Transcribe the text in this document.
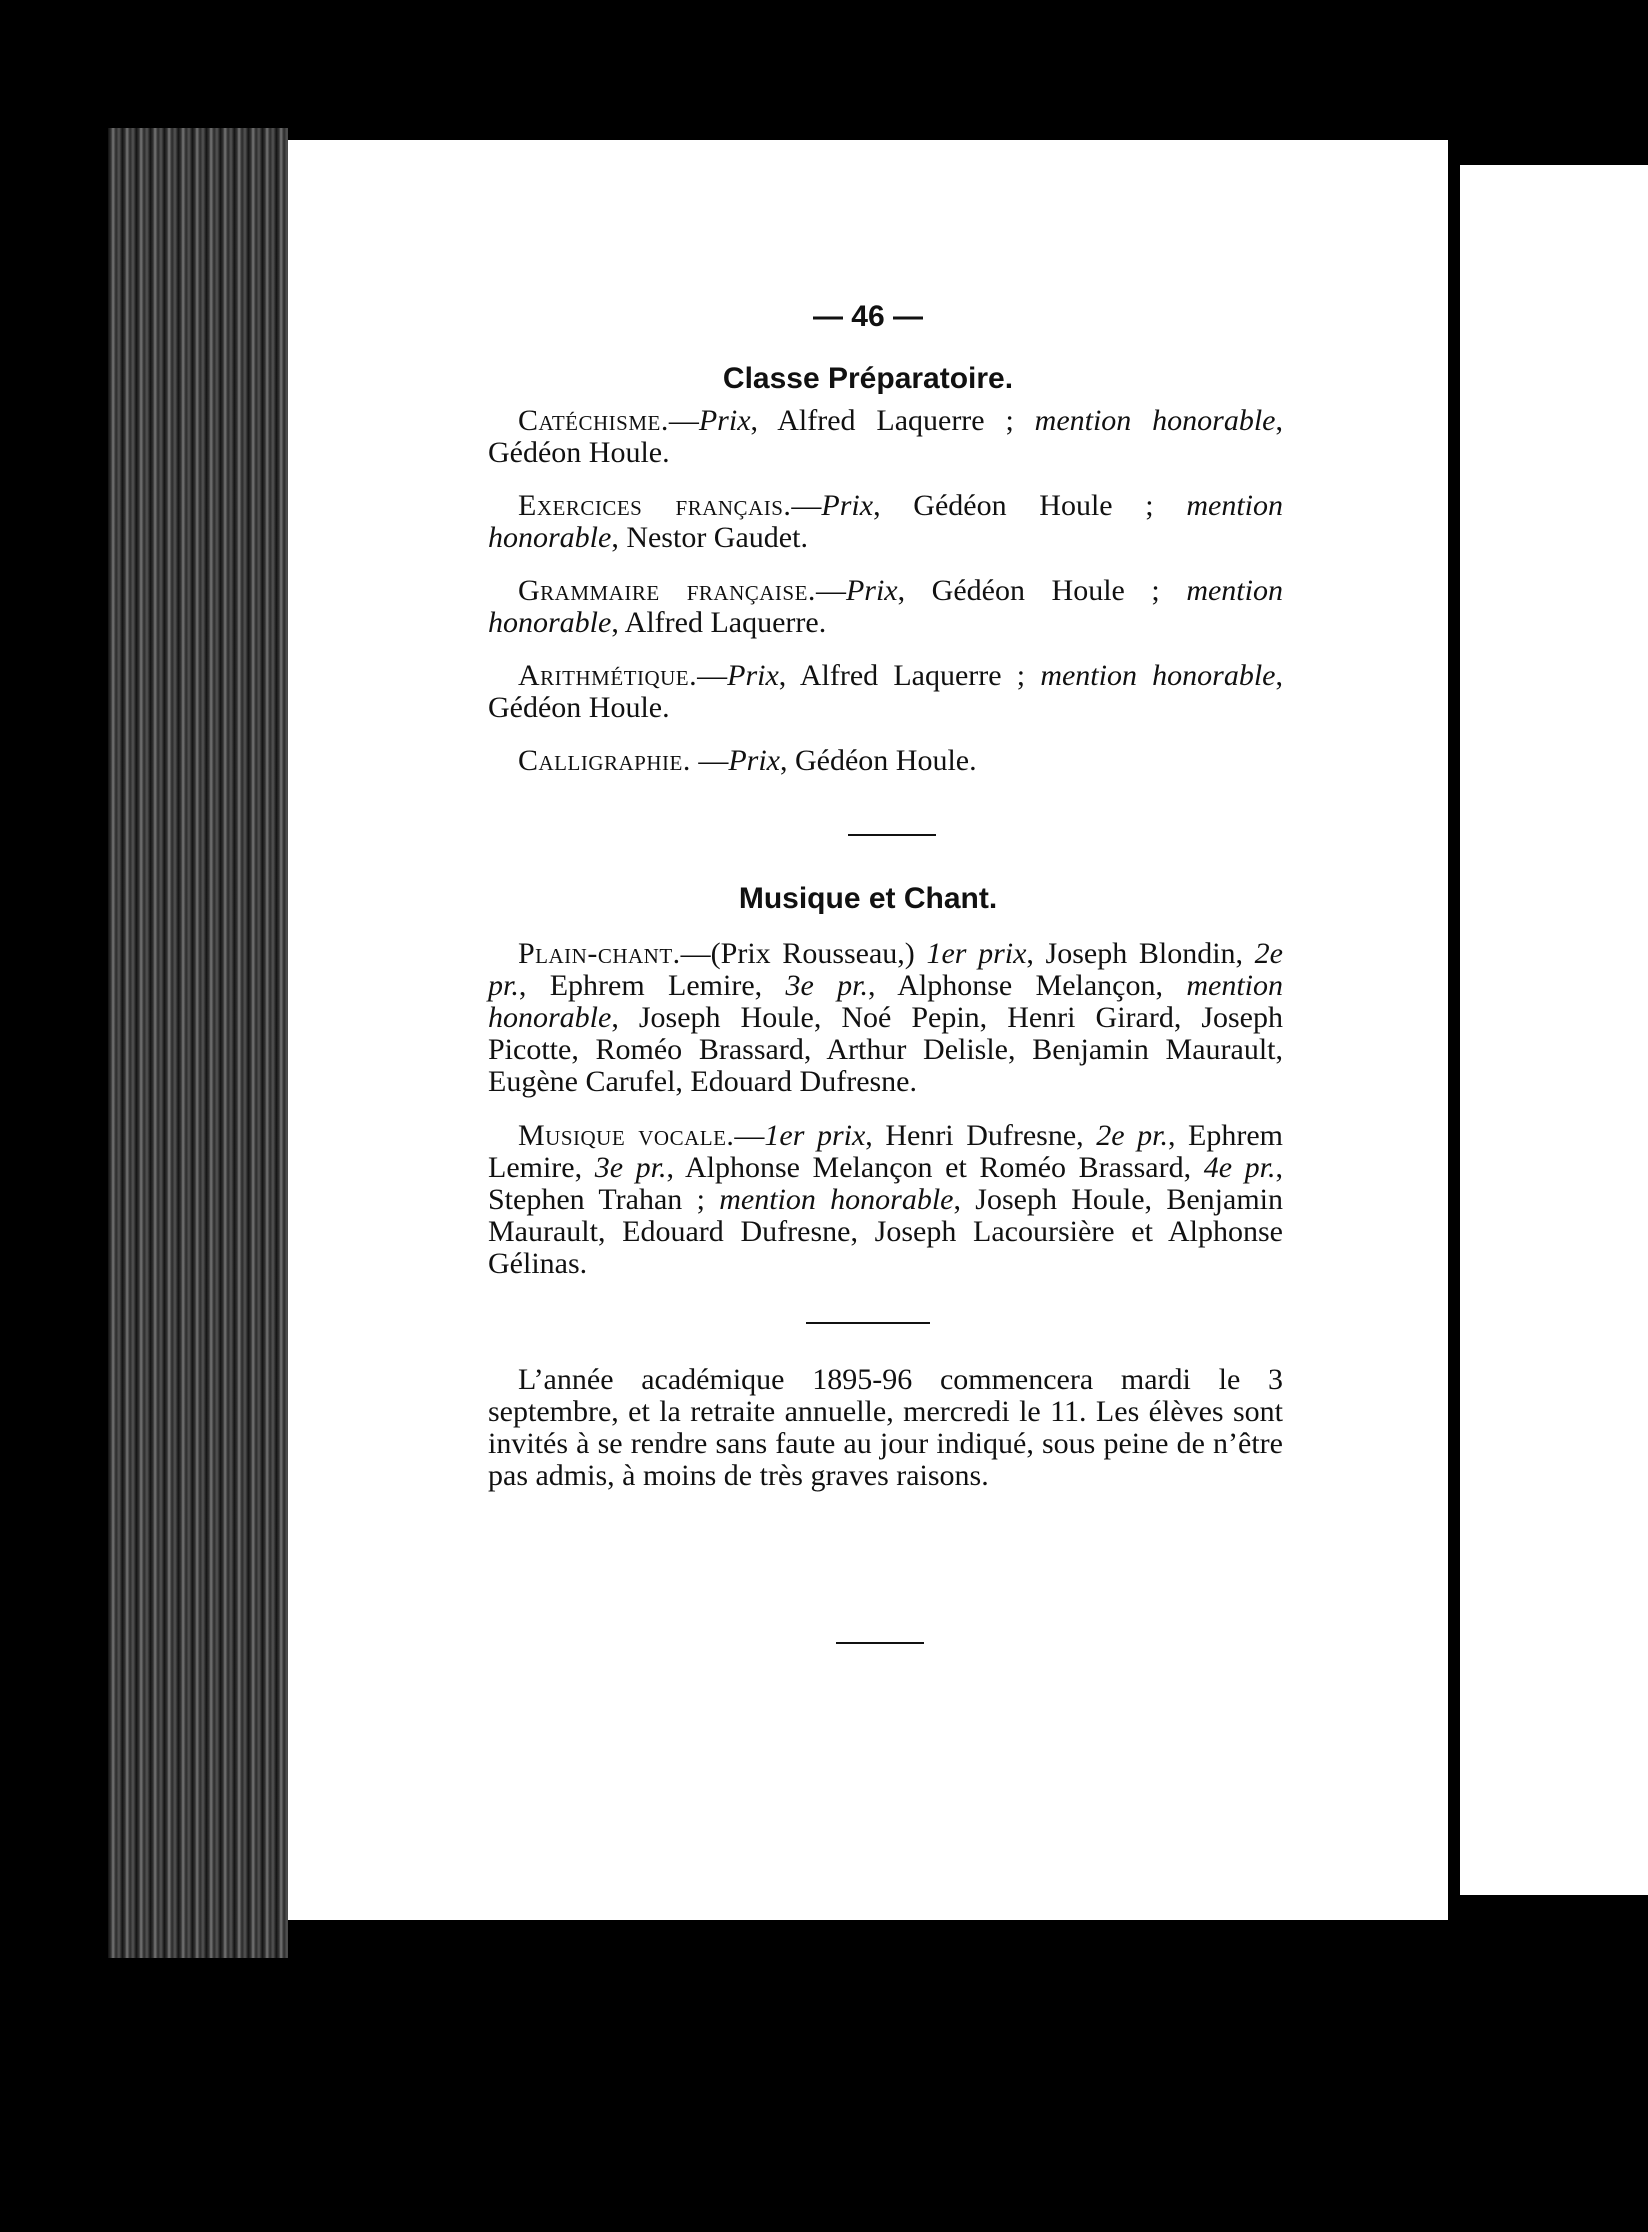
— 46 —
Classe Préparatoire.

Catéchisme.—Prix, Alfred Laquerre ; mention honorable, Gédéon Houle.

Exercices français.—Prix, Gédéon Houle ; mention honorable, Nestor Gaudet.

Grammaire française.—Prix, Gédéon Houle ; mention honorable, Alfred Laquerre.

Arithmétique.—Prix, Alfred Laquerre ; mention honorable, Gédéon Houle.

Calligraphie. —Prix, Gédéon Houle.

Musique et Chant.

Plain-chant.—(Prix Rousseau,) 1er prix, Joseph Blondin, 2e pr., Ephrem Lemire, 3e pr., Alphonse Melançon, mention honorable, Joseph Houle, Noé Pepin, Henri Girard, Joseph Picotte, Roméo Brassard, Arthur Delisle, Benjamin Maurault, Eugène Carufel, Edouard Dufresne.

Musique vocale.—1er prix, Henri Dufresne, 2e pr., Ephrem Lemire, 3e pr., Alphonse Melançon et Roméo Brassard, 4e pr., Stephen Trahan ; mention honorable, Joseph Houle, Benjamin Maurault, Edouard Dufresne, Joseph Lacoursière et Alphonse Gélinas.

L’année académique 1895-96 commencera mardi le 3 septembre, et la retraite annuelle, mercredi le 11. Les élèves sont invités à se rendre sans faute au jour indiqué, sous peine de n’être pas admis, à moins de très graves raisons.
